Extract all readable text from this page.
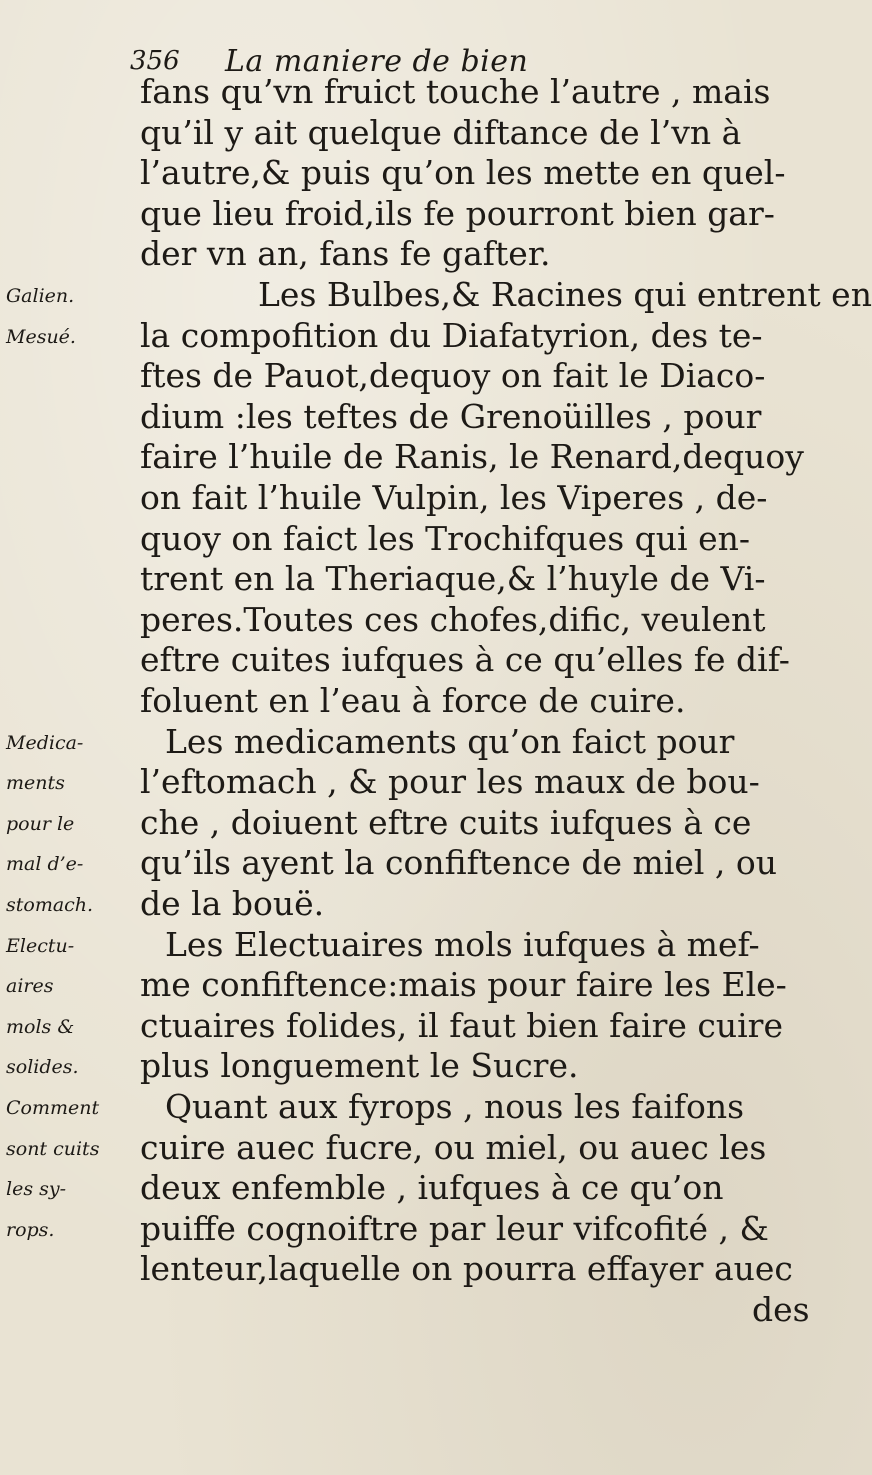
356 La maniere de bien
Galien.
Mesué.
Medica-
ments
pour le
mal d’e-
stomach.
Electu-
aires
mols &
solides.
Comment
sont cuits
les sy-
rops.
fans qu’vn fruict touche l’autre , mais
qu’il y ait quelque diftance de l’vn à
l’autre,& puis qu’on les mette en quel-
que lieu froid,ils fe pourront bien gar-
der vn an, fans fe gafter.
Les Bulbes,& Racines qui entrent en
la compofition du Diafatyrion, des te-
ftes de Pauot,dequoy on fait le Diaco-
dium :les teftes de Grenoüilles , pour
faire l’huile de Ranis, le Renard,dequoy
on fait l’huile Vulpin, les Viperes , de-
quoy on faict les Trochifques qui en-
trent en la Theriaque,& l’huyle de Vi-
peres.Toutes ces chofes,dific, veulent
eftre cuites iufques à ce qu’elles fe dif-
foluent en l’eau à force de cuire.
Les medicaments qu’on faict pour
l’eftomach , & pour les maux de bou-
che , doiuent eftre cuits iufques à ce
qu’ils ayent la confiftence de miel , ou
de la bouë.
Les Electuaires mols iufques à mef-
me confiftence:mais pour faire les Ele-
ctuaires folides, il faut bien faire cuire
plus longuement le Sucre.
Quant aux fyrops , nous les faifons
cuire auec fucre, ou miel, ou auec les
deux enfemble , iufques à ce qu’on
puiffe cognoiftre par leur vifcofité , &
lenteur,laquelle on pourra effayer auec
des
